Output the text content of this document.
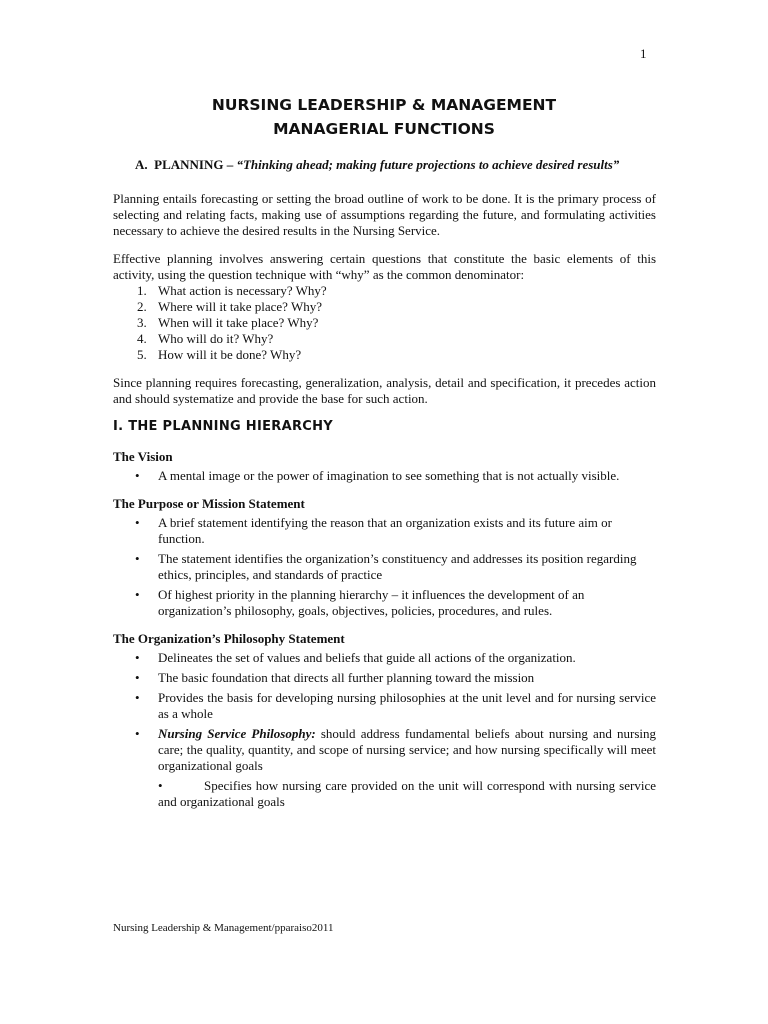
1
NURSING LEADERSHIP & MANAGEMENT
MANAGERIAL FUNCTIONS
A. PLANNING – “Thinking ahead; making future projections to achieve desired results”

Planning entails forecasting or setting the broad outline of work to be done. It is the primary process of selecting and relating facts, making use of assumptions regarding the future, and formulating activities necessary to achieve the desired results in the Nursing Service.

Effective planning involves answering certain questions that constitute the basic elements of this activity, using the question technique with “why” as the common denominator:

1. What action is necessary? Why?
2. Where will it take place? Why?
3. When will it take place? Why?
4. Who will do it? Why?
5. How will it be done? Why?

Since planning requires forecasting, generalization, analysis, detail and specification, it precedes action and should systematize and provide the base for such action.

I. THE PLANNING HIERARCHY
The Vision
• A mental image or the power of imagination to see something that is not actually visible.
The Purpose or Mission Statement
• A brief statement identifying the reason that an organization exists and its future aim or function.
• The statement identifies the organization’s constituency and addresses its position regarding ethics, principles, and standards of practice
• Of highest priority in the planning hierarchy – it influences the development of an organization’s philosophy, goals, objectives, policies, procedures, and rules.
The Organization’s Philosophy Statement
• Delineates the set of values and beliefs that guide all actions of the organization.
• The basic foundation that directs all further planning toward the mission
• Provides the basis for developing nursing philosophies at the unit level and for nursing service as a whole
• Nursing Service Philosophy: should address fundamental beliefs about nursing and nursing care; the quality, quantity, and scope of nursing service; and how nursing specifically will meet organizational goals
•	Specifies how nursing care provided on the unit will correspond with nursing service and organizational goals
Nursing Leadership & Management/pparaiso2011
